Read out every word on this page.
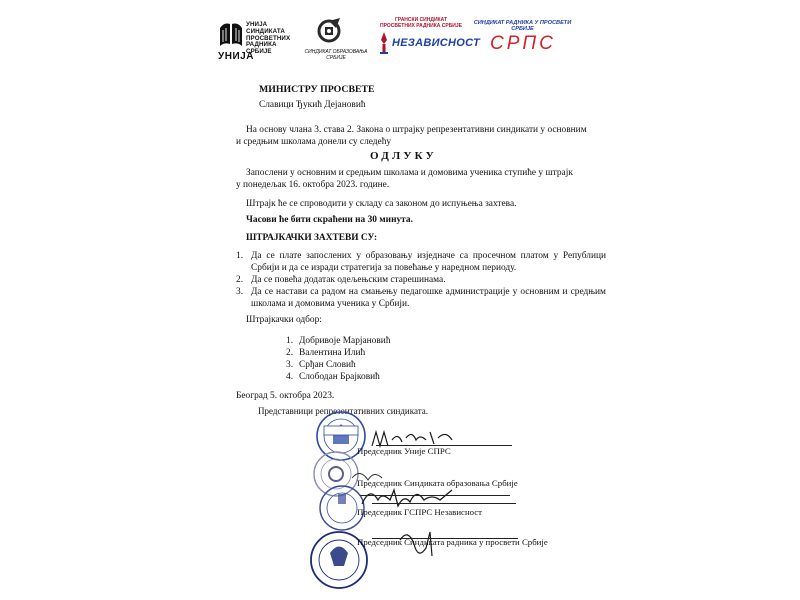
УНИЈА
СИНДИКАТА
ПРОСВЕТНИХ
РАДНИКА
СРБИЈЕ
УНИЈА	СИНДИКАТ ОБРАЗОВАЊА
СРБИЈЕ
ГРАНСКИ СИНДИКАТ
ПРОСВЕТНИХ РАДНИКА СРБИЈЕ
НЕЗАВИСНОСТ
СИНДИКАТ РАДНИКА У ПРОСВЕТИ
СРБИЈЕ
СРПС
МИНИСТРУ ПРОСВЕТЕ
Славици Ђукић Дејановић
На основу члана 3. става 2. Закона о штрајку репрезентативни синдикати у основним
и средњим школама донели су следећу
ОДЛУКУ
Запослени у основним и средњим школама и домовима ученика ступиће у штрајк
у понедељак 16. октобра 2023. године.
Штрајк ће се спроводити у складу са законом до испуњења захтева.
Часови ће бити скраћени на 30 минута.
ШТРАЈКАЧКИ ЗАХТЕВИ СУ:
1. Да се плате запослених у образовању изједначе са просечном платом у Републици Србији и да се изради стратегија за повећање у наредном периоду.
2. Да се повећа додатак одељењским старешинама.
3. Да се настави са радом на смањењу педагошке администрације у основним и средњим школама и домовима ученика у Србији.
Штрајкачки одбор:
1. Добривоје Марјановић
2. Валентина Илић
3. Срђан Словић
4. Слободан Брајковић
Београд 5. октобра 2023.
Представници репрезентативних синдиката.
Председник Уније СПРС
Председник Синдиката образовања Србије
Председник ГСПРС Независност
Председник Синдиката радника у просвети Србије
